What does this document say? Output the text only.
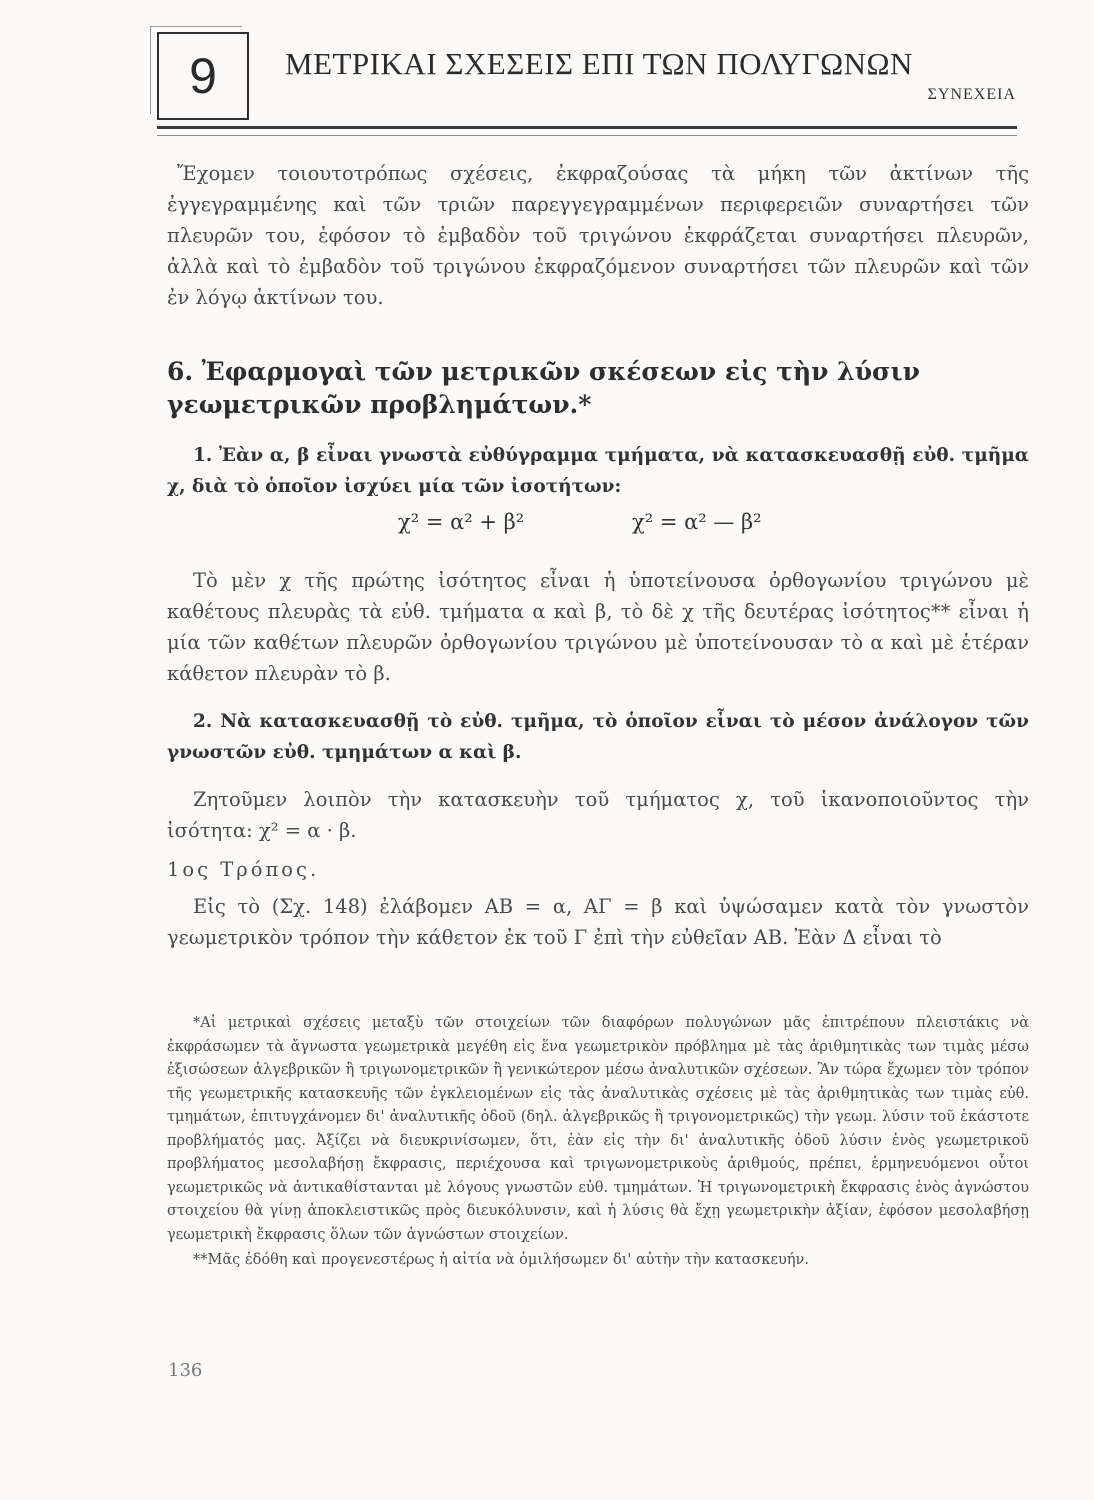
9 ΜΕΤΡΙΚΑΙ ΣΧΕΣΕΙΣ ΕΠΙ ΤΩΝ ΠΟΛΥΓΩΝΩΝ
ΣΥΝΕΧΕΙΑ

Ἔχομεν τοιουτοτρόπως σχέσεις, ἐκφραζούσας τὰ μήκη τῶν ἀκτίνων τῆς ἐγγεγραμμένης καὶ τῶν τριῶν παρεγγεγραμμένων περιφερειῶν συναρτήσει τῶν πλευρῶν του, ἐφόσον τὸ ἐμβαδὸν τοῦ τριγώνου ἐκφράζεται συναρτήσει πλευρῶν, ἀλλὰ καὶ τὸ ἐμβαδὸν τοῦ τριγώνου ἐκφραζόμενον συναρτήσει τῶν πλευρῶν καὶ τῶν ἐν λόγῳ ἀκτίνων του.

6. Ἐφαρμογαὶ τῶν μετρικῶν σκέσεων εἰς τὴν λύσιν γεωμετρικῶν προβλημάτων.*

1. Ἐὰν α, β εἶναι γνωστὰ εὐθύγραμμα τμήματα, νὰ κατασκευασθῇ εὐθ. τμῆμα χ, διὰ τὸ ὁποῖον ἰσχύει μία τῶν ἰσοτήτων:

χ² = α² + β²	χ² = α² — β²

Τὸ μὲν χ τῆς πρώτης ἰσότητος εἶναι ἡ ὑποτείνουσα ὀρθογωνίου τριγώνου μὲ καθέτους πλευρὰς τὰ εὐθ. τμήματα α καὶ β, τὸ δὲ χ τῆς δευτέρας ἰσότητος** εἶναι ἡ μία τῶν καθέτων πλευρῶν ὀρθογωνίου τριγώνου μὲ ὑποτείνουσαν τὸ α καὶ μὲ ἑτέραν κάθετον πλευρὰν τὸ β.

2. Νὰ κατασκευασθῇ τὸ εὐθ. τμῆμα, τὸ ὁποῖον εἶναι τὸ μέσον ἀνάλογον τῶν γνωστῶν εὐθ. τμημάτων α καὶ β.

Ζητοῦμεν λοιπὸν τὴν κατασκευὴν τοῦ τμήματος χ, τοῦ ἱκανοποιοῦντος τὴν ἰσότητα: χ² = α · β.

1ος Τρόπος.

Εἰς τὸ (Σχ. 148) ἐλάβομεν ΑΒ = α, ΑΓ = β καὶ ὑψώσαμεν κατὰ τὸν γνωστὸν γεωμετρικὸν τρόπον τὴν κάθετον ἐκ τοῦ Γ ἐπὶ τὴν εὐθεῖαν ΑΒ. Ἐὰν Δ εἶναι τὸ

*Αἱ μετρικαὶ σχέσεις μεταξὺ τῶν στοιχείων τῶν διαφόρων πολυγώνων μᾶς ἐπιτρέπουν πλειστάκις νὰ ἐκφράσωμεν τὰ ἄγνωστα γεωμετρικὰ μεγέθη εἰς ἕνα γεωμετρικὸν πρόβλημα μὲ τὰς ἀριθμητικὰς των τιμὰς μέσω ἐξισώσεων ἀλγεβρικῶν ἢ τριγωνομετρικῶν ἢ γενικώτερον μέσω ἀναλυτικῶν σχέσεων. Ἂν τώρα ἔχωμεν τὸν τρόπον τῆς γεωμετρικῆς κατασκευῆς τῶν ἐγκλειομένων εἰς τὰς ἀναλυτικὰς σχέσεις μὲ τὰς ἀριθμητικὰς των τιμὰς εὐθ. τμημάτων, ἐπιτυγχάνομεν δι' ἀναλυτικῆς ὁδοῦ (δηλ. ἀλγεβρικῶς ἢ τριγονομετρικῶς) τὴν γεωμ. λύσιν τοῦ ἑκάστοτε προβλήματός μας. Ἀξίζει νὰ διευκρινίσωμεν, ὅτι, ἐὰν εἰς τὴν δι' ἀναλυτικῆς ὁδοῦ λύσιν ἑνὸς γεωμετρικοῦ προβλήματος μεσολαβήσῃ ἔκφρασις, περιέχουσα καὶ τριγωνομετρικοὺς ἀριθμούς, πρέπει, ἑρμηνευόμενοι οὗτοι γεωμετρικῶς νὰ ἀντικαθίστανται μὲ λόγους γνωστῶν εὐθ. τμημάτων. Ἡ τριγωνομετρικὴ ἔκφρασις ἑνὸς ἀγνώστου στοιχείου θὰ γίνῃ ἀποκλειστικῶς πρὸς διευκόλυνσιν, καὶ ἡ λύσις θὰ ἔχῃ γεωμετρικὴν ἀξίαν, ἐφόσον μεσολαβήσῃ γεωμετρικὴ ἔκφρασις ὅλων τῶν ἀγνώστων στοιχείων.

**Μᾶς ἐδόθη καὶ προγενεστέρως ἡ αἰτία νὰ ὁμιλήσωμεν δι' αὐτὴν τὴν κατασκευήν.

136
